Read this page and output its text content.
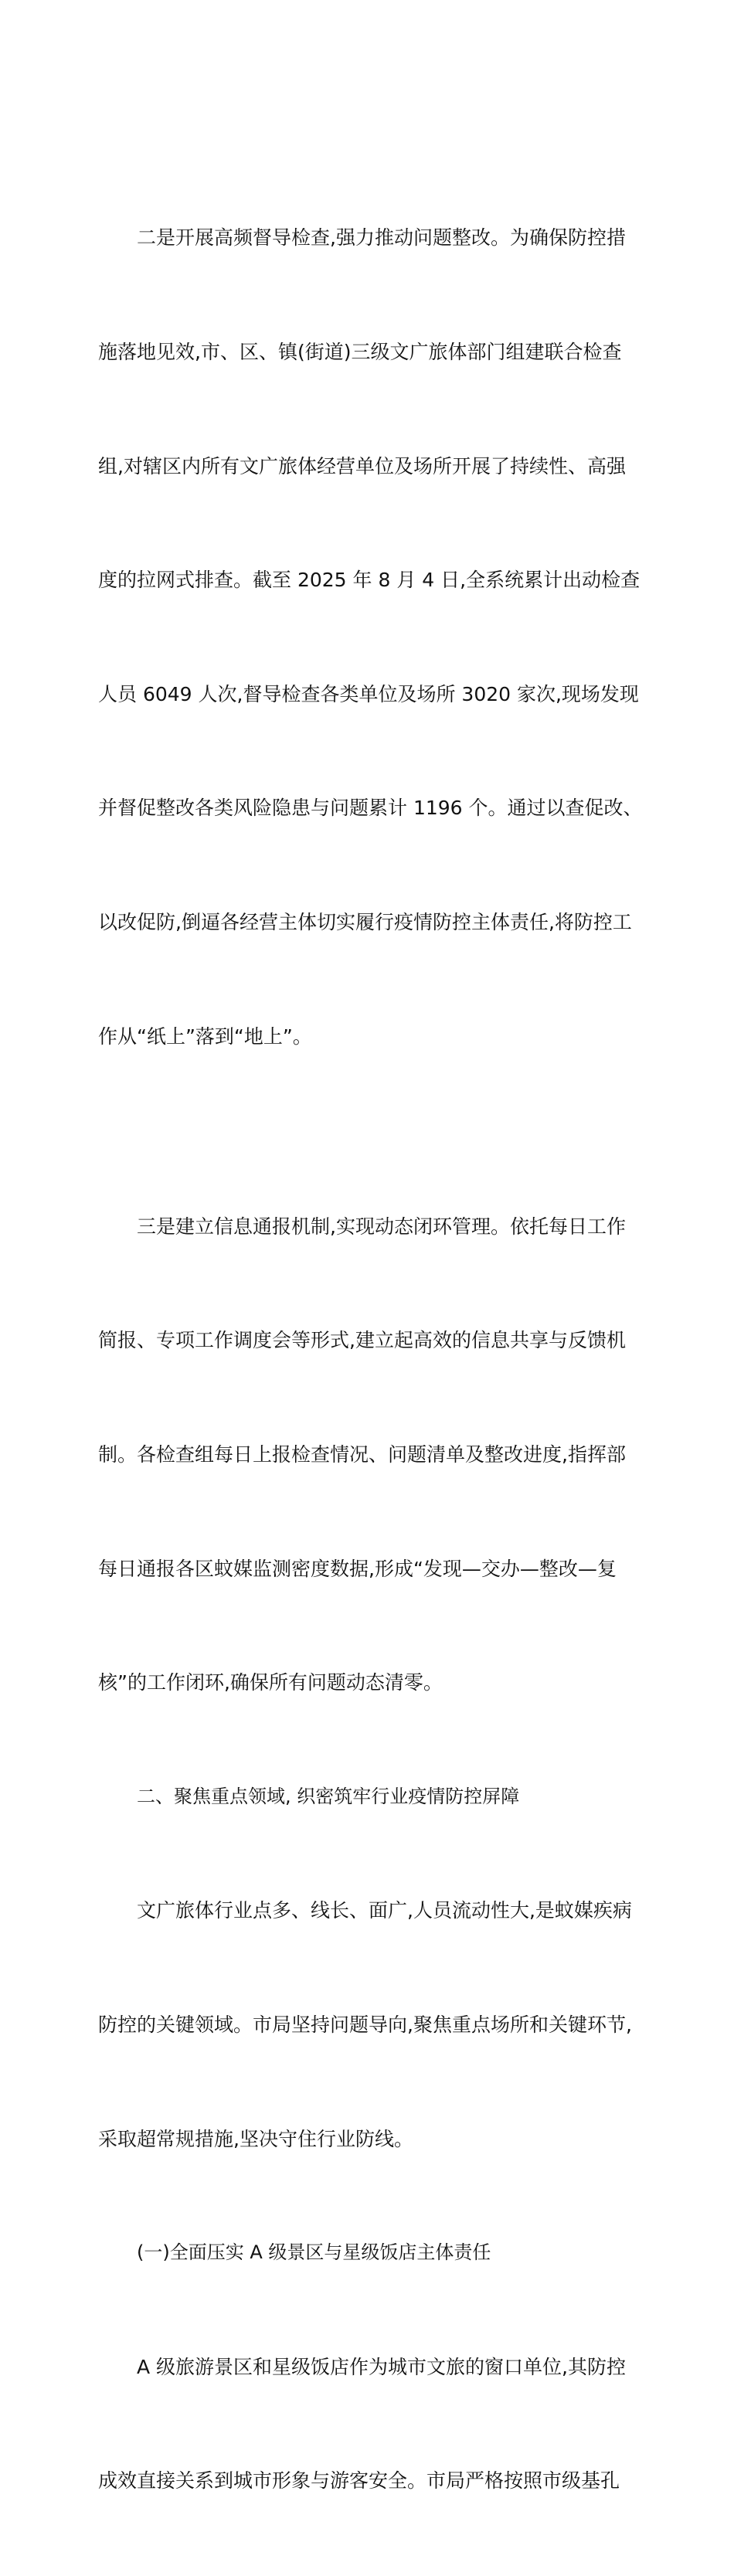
二是开展高频督导检查,强力推动问题整改。为确保防控措

施落地见效,市、区、镇(街道)三级文广旅体部门组建联合检查

组,对辖区内所有文广旅体经营单位及场所开展了持续性、高强

度的拉网式排查。截至 2025 年 8 月 4 日,全系统累计出动检查

人员 6049 人次,督导检查各类单位及场所 3020 家次,现场发现

并督促整改各类风险隐患与问题累计 1196 个。通过以查促改、

以改促防,倒逼各经营主体切实履行疫情防控主体责任,将防控工

作从“纸上”落到“地上”。

三是建立信息通报机制,实现动态闭环管理。依托每日工作

简报、专项工作调度会等形式,建立起高效的信息共享与反馈机

制。各检查组每日上报检查情况、问题清单及整改进度,指挥部

每日通报各区蚊媒监测密度数据,形成“发现—交办—整改—复

核”的工作闭环,确保所有问题动态清零。

二、聚焦重点领域, 织密筑牢行业疫情防控屏障

文广旅体行业点多、线长、面广,人员流动性大,是蚊媒疾病

防控的关键领域。市局坚持问题导向,聚焦重点场所和关键环节,

采取超常规措施,坚决守住行业防线。

(一)全面压实 A 级景区与星级饭店主体责任

A 级旅游景区和星级饭店作为城市文旅的窗口单位,其防控

成效直接关系到城市形象与游客安全。市局严格按照市级基孔
